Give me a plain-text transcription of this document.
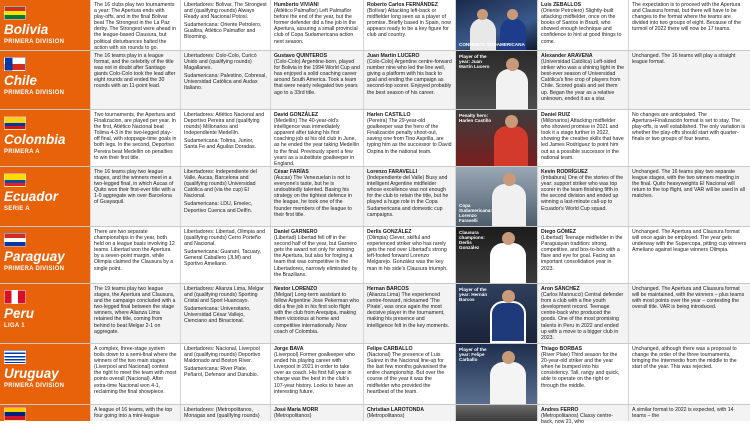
Bolivia
PRIMERA DIVISION
The 16 clubs play two tournaments a year: The Apertura ends with play-offs, and in the final Bolivar beat The Strongest in the La Paz derby. The Strongest were ahead in the league-based Clausura, but political disturbances halted the action with six rounds to go.
Libertadores: Bolivar, The Strongest and (qualifying rounds) Always Ready and Nacional Potosí.
Sudamericana: Oriente Petrolero, Gualtira, Atlético Palmaflor and Blooming.
Humberto VIVIANI
(Atlético Palmaflor) Left Palmaflor before the end of the year, but the former defender did a fine job in the Apertura, assuring a small provincial club of Copa Sudamericana action next season.
Roberto Carlos FERNÁNDEZ
(Bolívar) Attacking left-back or midfielder long seen as a player of promise. Briefly based in Spain, now appears ready to be a key figure for club and country.
CONMEBOL SUDAMERICANA
Luis ZEBALLOS
(Oriente Petrolero) Slightly-built attacking midfielder, once on the books of Santos in Brazil, who showed enough technique and confidence to hint at good things to come.
The expectation is to proceed with the Apertura and Clausura format, but there will have to be changes to the format where the teams are divided into two groups of eight. Because of the turmoil of 2022 there will now be 17 teams.
Chile
PRIMERA DIVISION
The 16 teams play in a league format, and the celebrity of the title was not in doubt after Santiago giants Colo-Colo took the lead after eight rounds and ended the 30 rounds with an 11-point lead.
Libertadores: Colo-Colo, Curicó Unido and (qualifying rounds) Magallanes.
Sudamericana: Palestino, Cobresal, Universidad Católica and Audax Italiano.
Gustavo QUINTEROS
(Colo-Colo) Argentine-born, played for Bolivia in the 1994 World Cup and has enjoyed a solid coaching career around South America. Took a team that were nearly relegated two years ago to a 33rd title.
Juan Martín LUCERO
(Colo-Colo) Argentine centre-forward number nine who led the line well, giving a platform with his back to goal and ending the campaign as second-top scorer. Enjoyed probably the best season of his career.
Player of the year: Juan Martín Lucero
Alexander ARAVENA
(Universidad Católica) Left-sided striker who was a shining light in the best-ever season of Universidad Católica's fine crop of players from Chile. Scored goals and set them up. Began the year as a relative unknown, ended it as a star.
Unchanged. The 16 teams will play a straight league format.
Colombia
PRIMERA A
Two tournaments, the Apertura and Finalizacion, are played per year. In the first, Atlético Nacional beat Tolima 4-3 in the two-legged play-off final, with stoppage-time goals in both legs. In the second, Deportivo Pereira beat Medellín on penalties to win their first title.
Libertadores: Atlético Nacional and Deportivo Pereira and (qualifying rounds) Millonarios and Independiente Medellín.
Sudamericana: Tolima, Junior, Santa Fe and Águilas Doradas.
David GONZÁLEZ
(Medellín) The 40-year-old's intelligence was immediately apparent after taking his first coaching job at his old club in June, as he ended the year taking Medellín to the final. Previously spent a few years as a substitute goalkeeper in England.
Harlen CASTILLO
(Pereira) The 29-year-old goalkeeper was the hero of the Finalización penalty shoot-out, saving one from Tino Asprilla, are typing him as the successor to David Ospina in the national team.
Penalty hero: Harlen Castillo
Daniel RUIZ
(Millonarios) Attacking midfielder who showed promise in 2021 and took it a stage further in 2022, showing the creative skills that have led James Rodríguez to point him out as a possible successor in the national team.
No changes are anticipated. The Apertura+Finalización format is set to stay. The play-offs, is well established. The only variation is whether the play-offs should start with quarter-finals or two groups of four teams.
Ecuador
SERIE A
The 16 teams play two league stages, and the winners meet in a two-legged final, in which Aucas of Quito won their first-ever title with a 1-0 aggregate win over Barcelona of Guayaquil.
Libertadores: Independiente del Valle, Aucas, Barcelona and (qualifying rounds) Universidad Católica and (via the cup) El Nacional.
Sudamericana: LDU, Emelec, Deportivo Cuenca and Delfín.
César FARÍAS
(Aucas) The Venezuelan is not to everyone's taste, but he is undoubtedly talented. Basing his strategy on the tightest defence in the league, he took one of the founder members of the league to their first title.
Lorenzo FARAVELLI
(Independiente del Valle) Busy and intelligent Argentine midfielder whose excellence was not enough for the club to retain the title, but he played a huge role in the Copa Sudamericana and domestic cup campaigns.
Copa Sudamericana: Lorenzo Faravelli
Kevin RODRÍGUEZ
(Imbabura) One of the stories of the year: support striker who was top scorer in the team finishing fifth in the second division and ended up winning a last-minute call-up to Ecuador's World Cup squad.
Unchanged. The 16 teams play two separate league stages, with the two winners meeting in the final. Quito heavyweights El Nacional will return to the top flight, and VAR will be used in all matches.
Paraguay
PRIMERA DIVISION
There are two separate championships in the year, both held on a league basis involving 12 teams. Libertad won the Apertura by a seven-point margin, while Olimpia claimed the Clausura by a single point.
Libertadores: Libertad, Olimpia and (qualifying rounds) Cerro Porteño and Nacional.
Sudamericana: Guaraní, Tacuary, General Caballero (JLM) and Sportivo Ameliano.
Daniel GARNERO
(Libertad) Libertad fell off in the second half of the year, but Garnero gets the award not only for winning the Apertura, but also for forging a team that was competitive in the Libertadores, narrowly eliminated by the Brazilians.
Derlis GONZÁLEZ
(Olimpia) Clever, skilful and experienced striker who has rarely gets the nod over Libertad's strong left-footed forward Lorenzo Melgarejo. González was the key man in his side's Clausura triumph.
Clausura champions: Derlis González
Diego GÓMEZ
(Libertad) Teenage midfielder in the Paraguayan tradition: strong, competitive, and box-to-box with a flare and eye for goal. Facing an important consolidation year in 2023.
Unchanged. The Apertura and Clausura format will once again be employed. The year gets underway with the Supercopa, pitting cup winners Ameliano against league winners Olimpia.
Peru
LIGA 1
The 19 teams play two league stages, the Apertura and Clausura, and the campaign concluded with a two-legged final between the stage winners, where Alianza Lima retained the title, coming from behind to beat Melgar 2-1 on aggregate.
Libertadores: Alianza Lima, Melgar and (qualifying rounds) Sporting Cristal and Sport Huancayo.
Sudamericana: Universitario, Universidad César Vallejo, Cienciano and Binacional.
Nestor LORENZO
(Melgar) Long-term assistant to fellow Argentine Jose Pekerman who did a fine job in his first solo flight with the club from Arequipa, making them victorious at home and competitive internationally. Now coach of Colombia.
Hernan BARCOS
(Alianza Lima) The experienced centre-forward, nicknamed 'The Pirate', was once again the most decisive player in the tournament, making his presence and intelligence felt in the key moments.
Player of the year: Hernán Barcos
Aron SÁNCHEZ
(Carlos Mannucci) Central defender from a club with a fine youth development record. Teenage centre-back who produced the goods. One of the most promising talents in Peru in 2022 and ended up with a move to a bigger club in 2023.
Unchanged. The Apertura and Clausura format will be maintained, with the winners – plus teams with most points over the year – contesting the overall title. VAR is being introduced.
Uruguay
PRIMERA DIVISION
A complex, three-stage system boils down to a semi-final where the winners of the two main stages (Liverpool and Nacional) contest the right to meet the team with most points overall (Nacional). After extra-time Nacional won 4-1, reclaiming the final showpiece.
Libertadores: Nacional, Liverpool and (qualifying rounds) Deportivo Maldonado and Boston River.
Sudamericana: River Plate, Peñarol, Defensor and Danubio.
Jorge BAVA
(Liverpool) Former goalkeeper who ended his playing career with Liverpool in 2021 in order to take over as coach. His first full year in charge was the best in the club's 107-year history. Looks to have an interesting future.
Felipe CARBALLO
(Nacional) The presence of Luis Suárez in the Nacional line-up for the last few months galvanised the entire championship. But over the course of the year it was the midfielder who provided the heartbeat of the team.
Player of the year: Felipe Carballo
Thiago BORBAS
(River Plate) Third season for the 20-year-old striker and the year when he bumped into his consistency. Tall, rangy and quick, able to operate on the right or through the middle.
Unchanged, although there was a proposal to change the order of the three tournaments, bringing the Intermedio from the middle to the start of the year. This was rejected.
Venezuela
PRIMERA DIVISION
A league of 16 teams, with the top four going into a mini-league
Libertadores: (Metropolitanos, Monagas and (qualifying rounds)
José María MORR
(Metropolitanos)
Christian LAROTONDA
(Metropolitanos)
Andres FERRO
(Metropolitanos) Classy centre-back, now 21, who
A similar format to 2022 is expected, with 14 teams – the
